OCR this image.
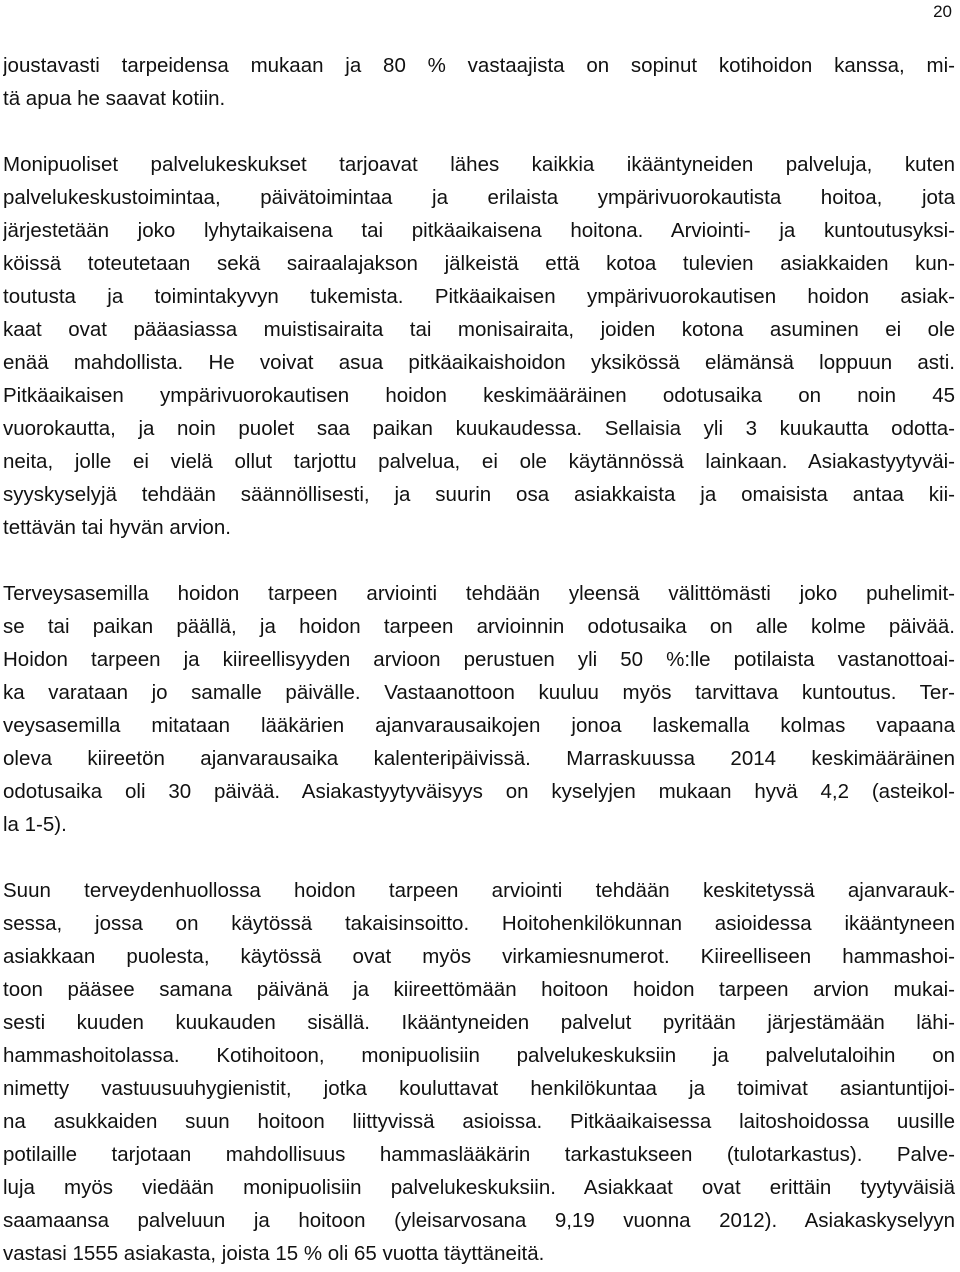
20

joustavasti tarpeidensa mukaan ja 80 % vastaajista on sopinut kotihoidon kanssa, mi-
tä apua he saavat kotiin.

Monipuoliset palvelukeskukset tarjoavat lähes kaikkia ikääntyneiden palveluja, kuten
palvelukeskustoimintaa, päivätoimintaa ja erilaista ympärivuorokautista hoitoa, jota
järjestetään joko lyhytaikaisena tai pitkäaikaisena hoitona. Arviointi- ja kuntoutusyksi-
köissä toteutetaan sekä sairaalajakson jälkeistä että kotoa tulevien asiakkaiden kun-
toutusta ja toimintakyvyn tukemista. Pitkäaikaisen ympärivuorokautisen hoidon asiak-
kaat ovat pääasiassa muistisairaita tai monisairaita, joiden kotona asuminen ei ole
enää mahdollista. He voivat asua pitkäaikaishoidon yksikössä elämänsä loppuun asti.
Pitkäaikaisen ympärivuorokautisen hoidon keskimääräinen odotusaika on noin 45
vuorokautta, ja noin puolet saa paikan kuukaudessa. Sellaisia yli 3 kuukautta odotta-
neita, jolle ei vielä ollut tarjottu palvelua, ei ole käytännössä lainkaan. Asiakastyytyväi-
syyskyselyjä tehdään säännöllisesti, ja suurin osa asiakkaista ja omaisista antaa kii-
tettävän tai hyvän arvion.

Terveysasemilla hoidon tarpeen arviointi tehdään yleensä välittömästi joko puhelimit-
se tai paikan päällä, ja hoidon tarpeen arvioinnin odotusaika on alle kolme päivää.
Hoidon tarpeen ja kiireellisyyden arvioon perustuen yli 50 %:lle potilaista vastanottoai-
ka varataan jo samalle päivälle. Vastaanottoon kuuluu myös tarvittava kuntoutus. Ter-
veysasemilla mitataan lääkärien ajanvarausaikojen jonoa laskemalla kolmas vapaana
oleva kiireetön ajanvarausaika kalenteripäivissä. Marraskuussa 2014 keskimääräinen
odotusaika oli 30 päivää. Asiakastyytyväisyys on kyselyjen mukaan hyvä 4,2 (asteikol-
la 1-5).

Suun terveydenhuollossa hoidon tarpeen arviointi tehdään keskitetyssä ajanvarauk-
sessa, jossa on käytössä takaisinsoitto. Hoitohenkilökunnan asioidessa ikääntyneen
asiakkaan puolesta, käytössä ovat myös virkamiesnumerot. Kiireelliseen hammashoi-
toon pääsee samana päivänä ja kiireettömään hoitoon hoidon tarpeen arvion mukai-
sesti kuuden kuukauden sisällä. Ikääntyneiden palvelut pyritään järjestämään lähi-
hammashoitolassa. Kotihoitoon, monipuolisiin palvelukeskuksiin ja palvelutaloihin on
nimetty vastuusuuhygienistit, jotka kouluttavat henkilökuntaa ja toimivat asiantuntijoi-
na asukkaiden suun hoitoon liittyvissä asioissa. Pitkäaikaisessa laitoshoidossa uusille
potilaille tarjotaan mahdollisuus hammaslääkärin tarkastukseen (tulotarkastus). Palve-
luja myös viedään monipuolisiin palvelukeskuksiin. Asiakkaat ovat erittäin tyytyväisiä
saamaansa palveluun ja hoitoon (yleisarvosana 9,19 vuonna 2012). Asiakaskyselyyn
vastasi 1555 asiakasta, joista 15 % oli 65 vuotta täyttäneitä.
